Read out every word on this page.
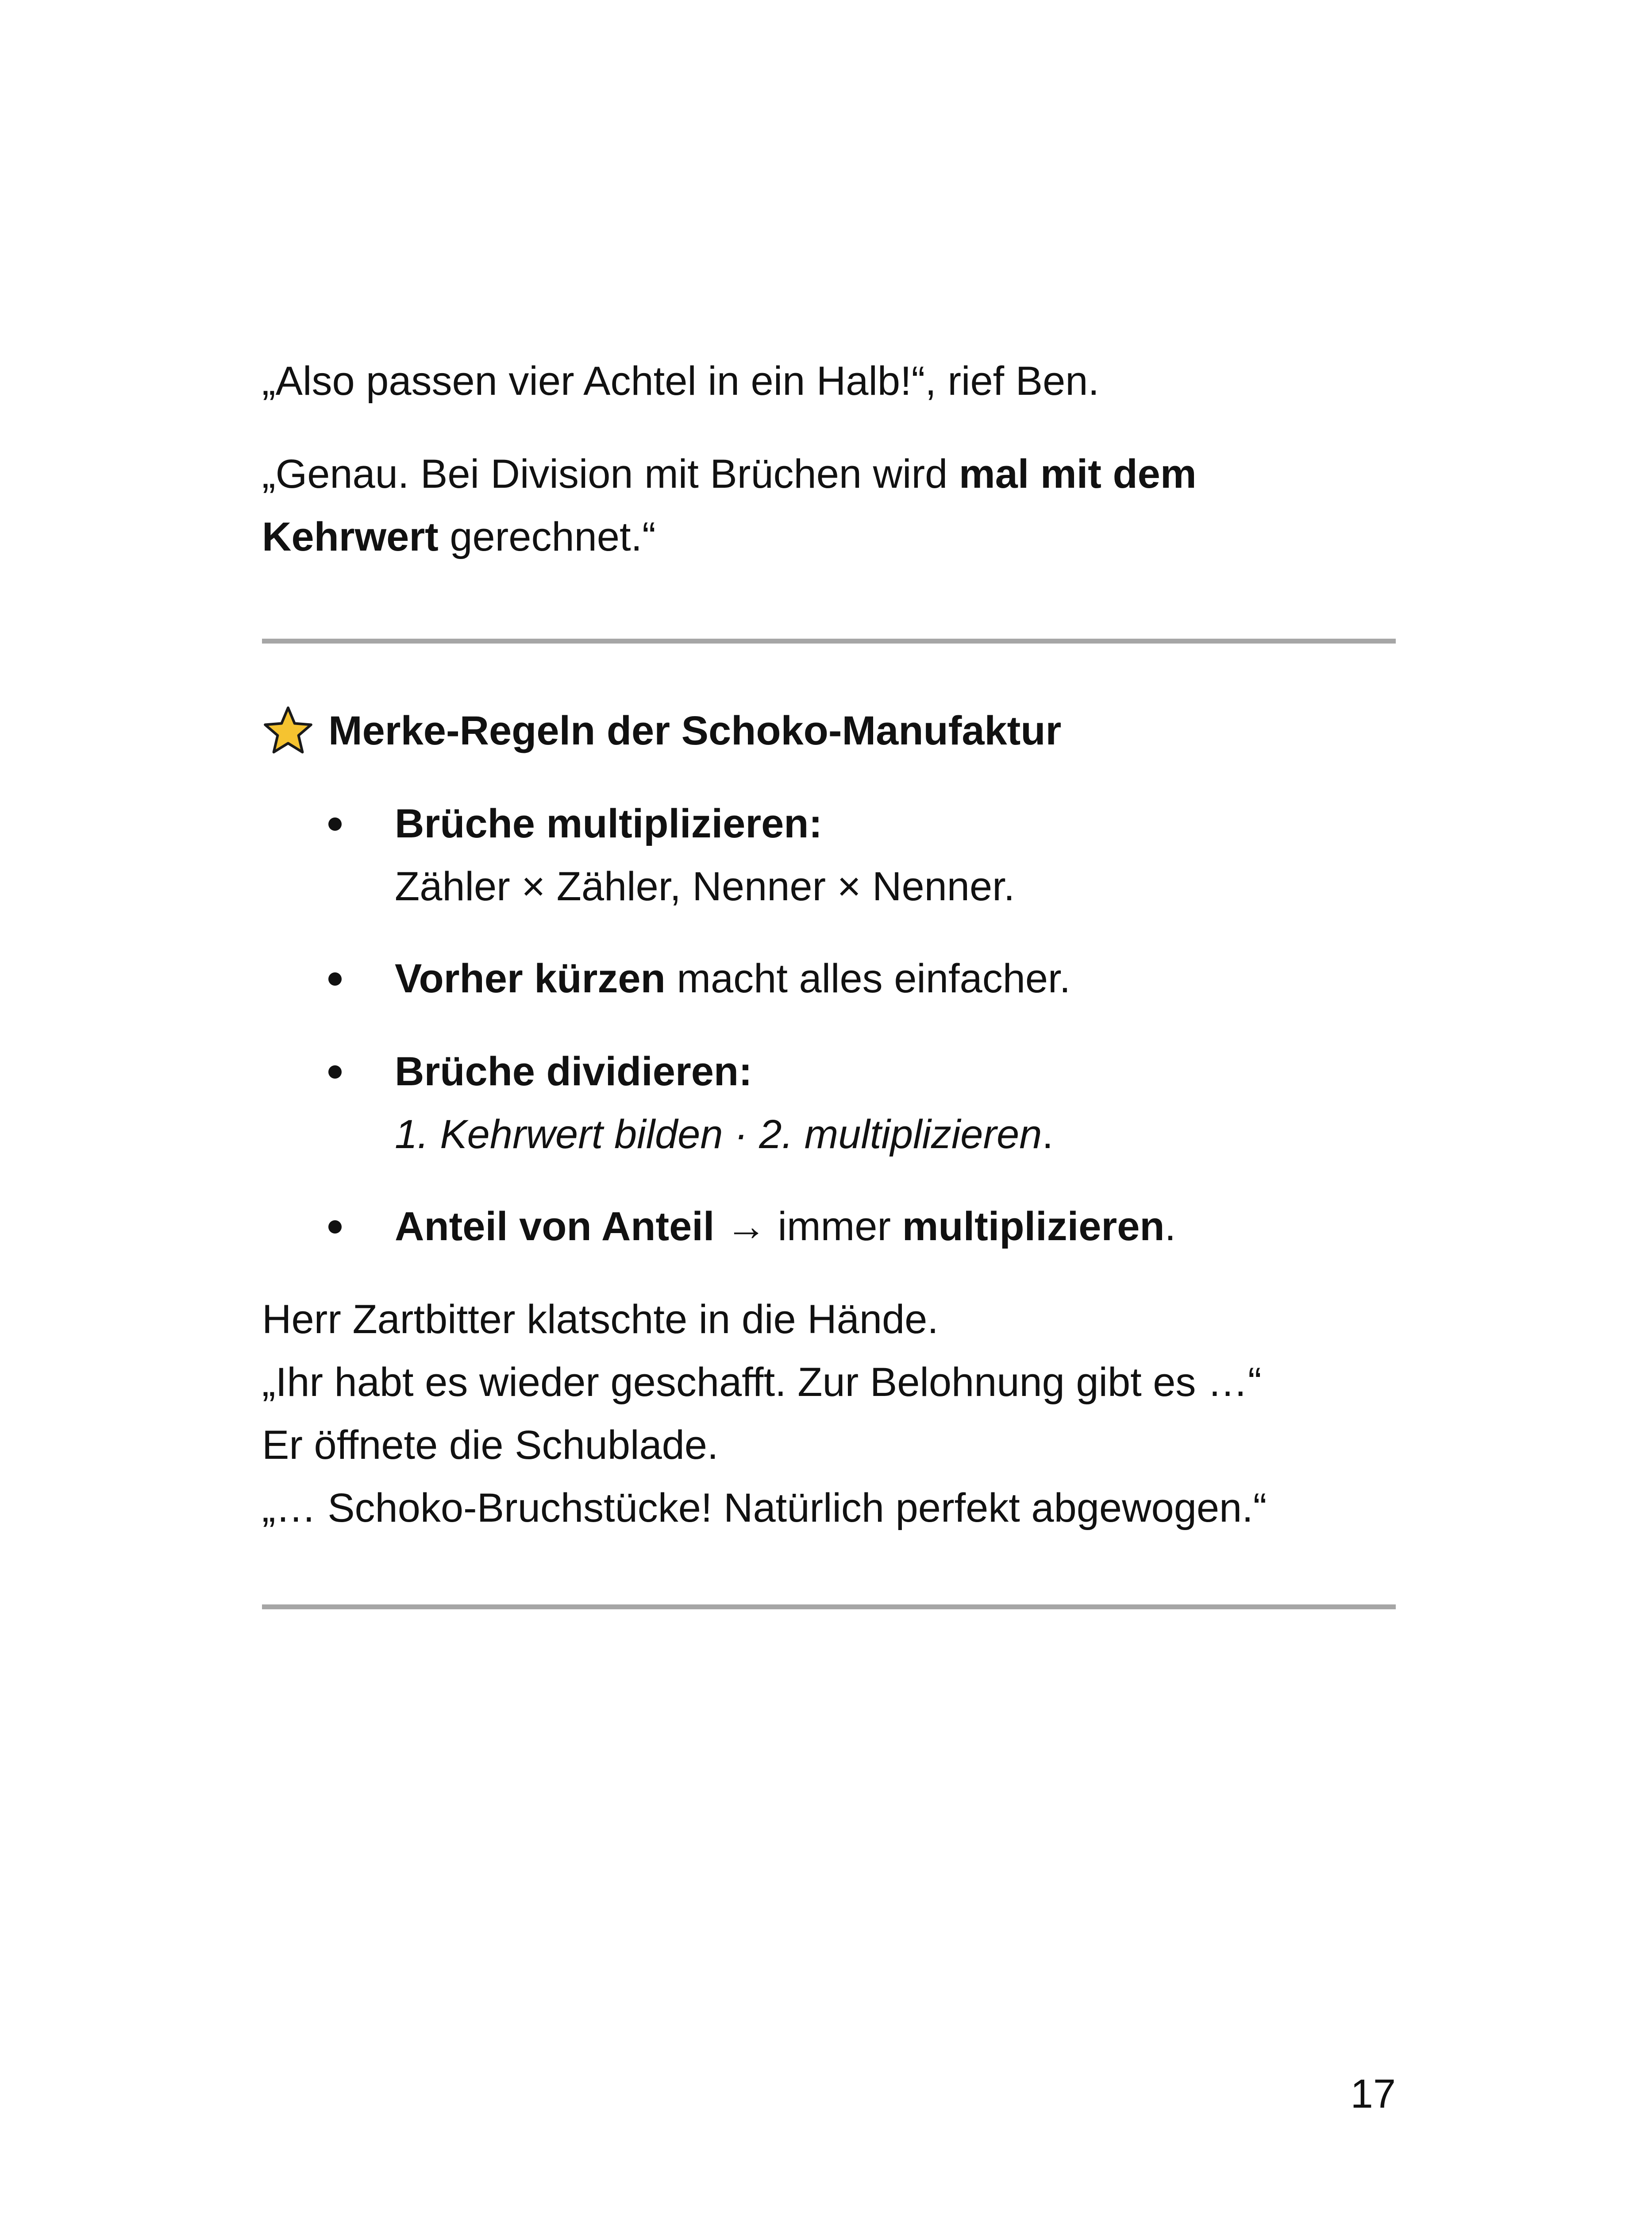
„Also passen vier Achtel in ein Halb!“, rief Ben.

„Genau. Bei Division mit Brüchen wird mal mit dem

Kehrwert gerechnet.“

Merke-Regeln der Schoko-Manufaktur
Brüche multiplizieren:
Zähler × Zähler, Nenner × Nenner.
Vorher kürzen macht alles einfacher.
Brüche dividieren:
1. Kehrwert bilden · 2. multiplizieren.
Anteil von Anteil → immer multiplizieren.

Herr Zartbitter klatschte in die Hände.

„Ihr habt es wieder geschafft. Zur Belohnung gibt es …“

Er öffnete die Schublade.

„… Schoko-Bruchstücke! Natürlich perfekt abgewogen.“

17
